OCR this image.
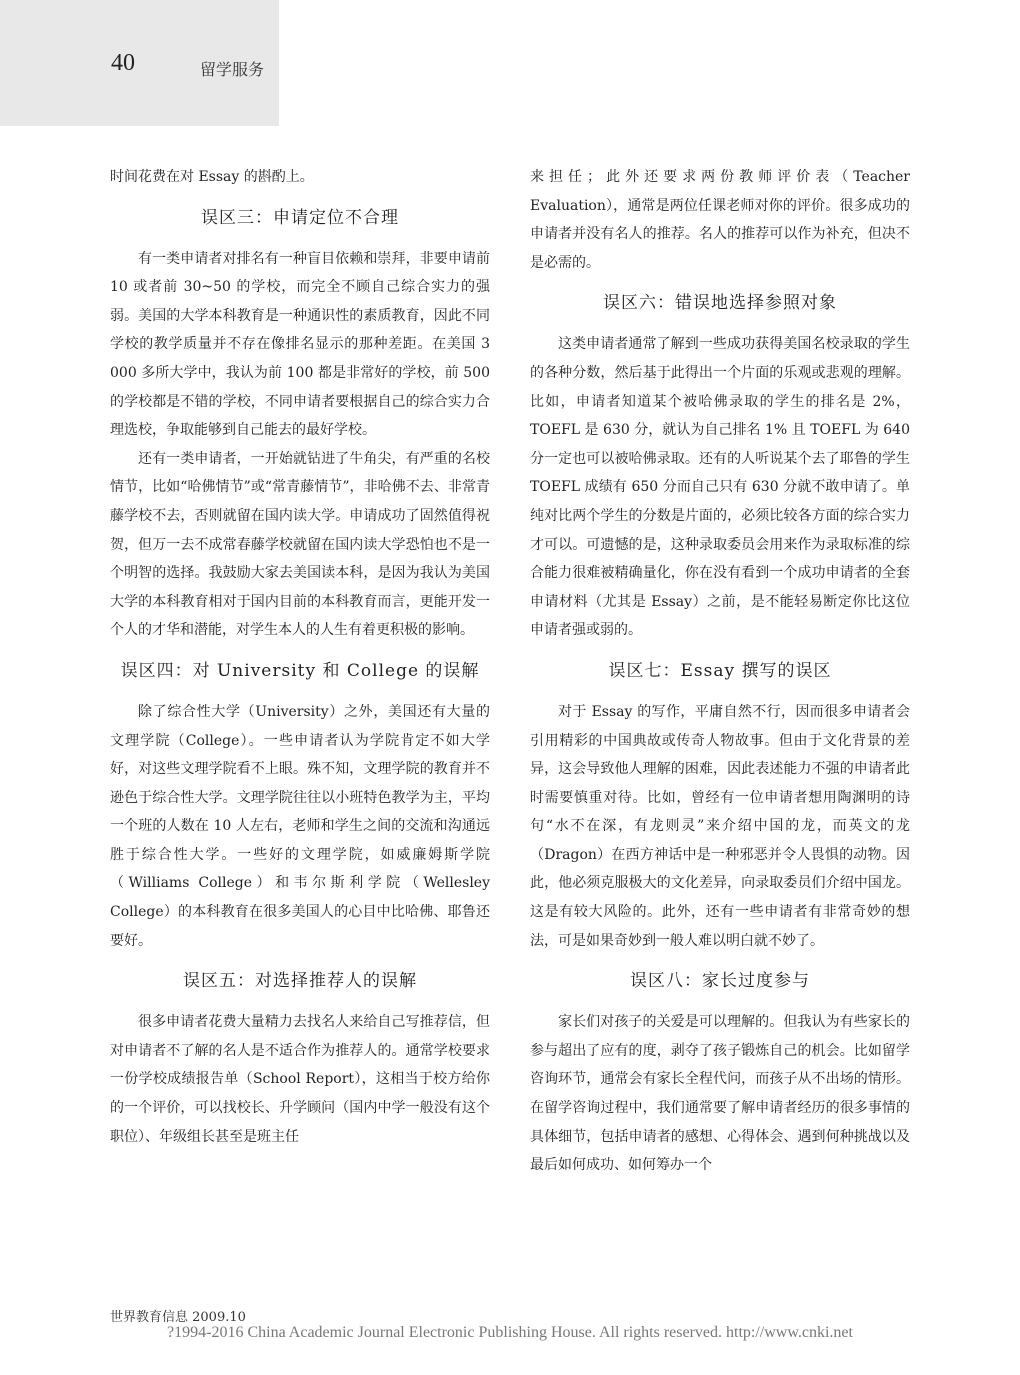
40	留学服务

时间花费在对 Essay 的斟酌上。

误区三：申请定位不合理

有一类申请者对排名有一种盲目依赖和崇拜，非要申请前 10 或者前 30~50 的学校，而完全不顾自己综合实力的强弱。美国的大学本科教育是一种通识性的素质教育，因此不同学校的教学质量并不存在像排名显示的那种差距。在美国 3 000 多所大学中，我认为前 100 都是非常好的学校，前 500 的学校都是不错的学校，不同申请者要根据自己的综合实力合理选校，争取能够到自己能去的最好学校。

还有一类申请者，一开始就钻进了牛角尖，有严重的名校情节，比如“哈佛情节”或“常青藤情节”，非哈佛不去、非常青藤学校不去，否则就留在国内读大学。申请成功了固然值得祝贺，但万一去不成常春藤学校就留在国内读大学恐怕也不是一个明智的选择。我鼓励大家去美国读本科，是因为我认为美国大学的本科教育相对于国内目前的本科教育而言，更能开发一个人的才华和潜能，对学生本人的人生有着更积极的影响。

误区四：对 University 和 College 的误解

除了综合性大学（University）之外，美国还有大量的文理学院（College）。一些申请者认为学院肯定不如大学好，对这些文理学院看不上眼。殊不知，文理学院的教育并不逊色于综合性大学。文理学院往往以小班特色教学为主，平均一个班的人数在 10 人左右，老师和学生之间的交流和沟通远胜于综合性大学。一些好的文理学院，如威廉姆斯学院（Williams College）和韦尔斯利学院（Wellesley College）的本科教育在很多美国人的心目中比哈佛、耶鲁还要好。

误区五：对选择推荐人的误解

很多申请者花费大量精力去找名人来给自己写推荐信，但对申请者不了解的名人是不适合作为推荐人的。通常学校要求一份学校成绩报告单（School Report），这相当于校方给你的一个评价，可以找校长、升学顾问（国内中学一般没有这个职位）、年级组长甚至是班主任

来担任；此外还要求两份教师评价表（Teacher Evaluation），通常是两位任课老师对你的评价。很多成功的申请者并没有名人的推荐。名人的推荐可以作为补充，但决不是必需的。

误区六：错误地选择参照对象

这类申请者通常了解到一些成功获得美国名校录取的学生的各种分数，然后基于此得出一个片面的乐观或悲观的理解。比如，申请者知道某个被哈佛录取的学生的排名是 2%，TOEFL 是 630 分，就认为自己排名 1% 且 TOEFL 为 640 分一定也可以被哈佛录取。还有的人听说某个去了耶鲁的学生 TOEFL 成绩有 650 分而自己只有 630 分就不敢申请了。单纯对比两个学生的分数是片面的，必须比较各方面的综合实力才可以。可遗憾的是，这种录取委员会用来作为录取标准的综合能力很难被精确量化，你在没有看到一个成功申请者的全套申请材料（尤其是 Essay）之前，是不能轻易断定你比这位申请者强或弱的。

误区七：Essay 撰写的误区

对于 Essay 的写作，平庸自然不行，因而很多申请者会引用精彩的中国典故或传奇人物故事。但由于文化背景的差异，这会导致他人理解的困难，因此表述能力不强的申请者此时需要慎重对待。比如，曾经有一位申请者想用陶渊明的诗句“水不在深，有龙则灵”来介绍中国的龙，而英文的龙（Dragon）在西方神话中是一种邪恶并令人畏惧的动物。因此，他必须克服极大的文化差异，向录取委员们介绍中国龙。这是有较大风险的。此外，还有一些申请者有非常奇妙的想法，可是如果奇妙到一般人难以明白就不妙了。

误区八：家长过度参与

家长们对孩子的关爱是可以理解的。但我认为有些家长的参与超出了应有的度，剥夺了孩子锻炼自己的机会。比如留学咨询环节，通常会有家长全程代问，而孩子从不出场的情形。在留学咨询过程中，我们通常要了解申请者经历的很多事情的具体细节，包括申请者的感想、心得体会、遇到何种挑战以及最后如何成功、如何筹办一个

世界教育信息 2009.10
?1994-2016 China Academic Journal Electronic Publishing House. All rights reserved. http://www.cnki.net
